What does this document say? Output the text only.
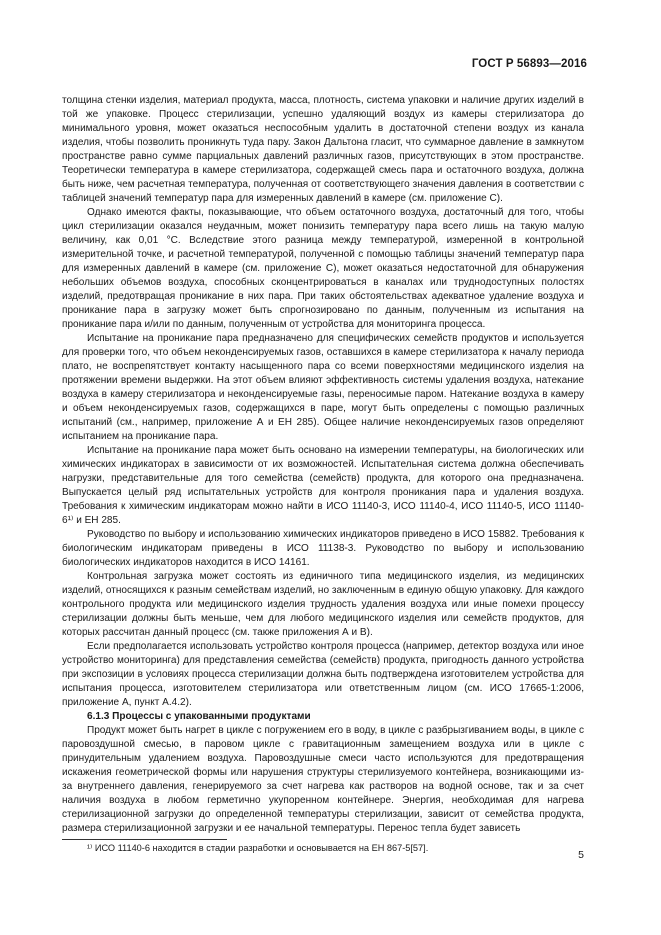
ГОСТ Р 56893—2016

толщина стенки изделия, материал продукта, масса, плотность, система упаковки и наличие других изделий в той же упаковке. Процесс стерилизации, успешно удаляющий воздух из камеры стерилизатора до минимального уровня, может оказаться неспособным удалить в достаточной степени воздух из канала изделия, чтобы позволить проникнуть туда пару. Закон Дальтона гласит, что суммарное давление в замкнутом пространстве равно сумме парциальных давлений различных газов, присутствующих в этом пространстве. Теоретически температура в камере стерилизатора, содержащей смесь пара и остаточного воздуха, должна быть ниже, чем расчетная температура, полученная от соответствующего значения давления в соответствии с таблицей значений температур пара для измеренных давлений в камере (см. приложение С).

Однако имеются факты, показывающие, что объем остаточного воздуха, достаточный для того, чтобы цикл стерилизации оказался неудачным, может понизить температуру пара всего лишь на такую малую величину, как 0,01 °С. Вследствие этого разница между температурой, измеренной в контрольной измерительной точке, и расчетной температурой, полученной с помощью таблицы значений температур пара для измеренных давлений в камере (см. приложение С), может оказаться недостаточной для обнаружения небольших объемов воздуха, способных сконцентрироваться в каналах или труднодоступных полостях изделий, предотвращая проникание в них пара. При таких обстоятельствах адекватное удаление воздуха и проникание пара в загрузку может быть спрогнозировано по данным, полученным из испытания на проникание пара и/или по данным, полученным от устройства для мониторинга процесса.

Испытание на проникание пара предназначено для специфических семейств продуктов и используется для проверки того, что объем неконденсируемых газов, оставшихся в камере стерилизатора к началу периода плато, не воспрепятствует контакту насыщенного пара со всеми поверхностями медицинского изделия на протяжении времени выдержки. На этот объем влияют эффективность системы удаления воздуха, натекание воздуха в камеру стерилизатора и неконденсируемые газы, переносимые паром. Натекание воздуха в камеру и объем неконденсируемых газов, содержащихся в паре, могут быть определены с помощью различных испытаний (см., например, приложение А и ЕН 285). Общее наличие неконденсируемых газов определяют испытанием на проникание пара.

Испытание на проникание пара может быть основано на измерении температуры, на биологических или химических индикаторах в зависимости от их возможностей. Испытательная система должна обеспечивать нагрузки, представительные для того семейства (семейств) продукта, для которого она предназначена. Выпускается целый ряд испытательных устройств для контроля проникания пара и удаления воздуха. Требования к химическим индикаторам можно найти в ИСО 11140-3, ИСО 11140-4, ИСО 11140-5, ИСО 11140-6¹⁾ и ЕН 285.

Руководство по выбору и использованию химических индикаторов приведено в ИСО 15882. Требования к биологическим индикаторам приведены в ИСО 11138-3. Руководство по выбору и использованию биологических индикаторов находится в ИСО 14161.

Контрольная загрузка может состоять из единичного типа медицинского изделия, из медицинских изделий, относящихся к разным семействам изделий, но заключенным в единую общую упаковку. Для каждого контрольного продукта или медицинского изделия трудность удаления воздуха или иные помехи процессу стерилизации должны быть меньше, чем для любого медицинского изделия или семейств продуктов, для которых рассчитан данный процесс (см. также приложения А и В).

Если предполагается использовать устройство контроля процесса (например, детектор воздуха или иное устройство мониторинга) для представления семейства (семейств) продукта, пригодность данного устройства при экспозиции в условиях процесса стерилизации должна быть подтверждена изготовителем устройства для испытания процесса, изготовителем стерилизатора или ответственным лицом (см. ИСО 17665-1:2006, приложение А, пункт А.4.2).

6.1.3 Процессы с упакованными продуктами

Продукт может быть нагрет в цикле с погружением его в воду, в цикле с разбрызгиванием воды, в цикле с паровоздушной смесью, в паровом цикле с гравитационным замещением воздуха или в цикле с принудительным удалением воздуха. Паровоздушные смеси часто используются для предотвращения искажения геометрической формы или нарушения структуры стерилизуемого контейнера, возникающими из-за внутреннего давления, генерируемого за счет нагрева как растворов на водной основе, так и за счет наличия воздуха в любом герметично укупоренном контейнере. Энергия, необходимая для нагрева стерилизационной загрузки до определенной температуры стерилизации, зависит от семейства продукта, размера стерилизационной загрузки и ее начальной температуры. Перенос тепла будет зависеть

¹⁾ ИСО 11140-6 находится в стадии разработки и основывается на ЕН 867-5[57].

5
